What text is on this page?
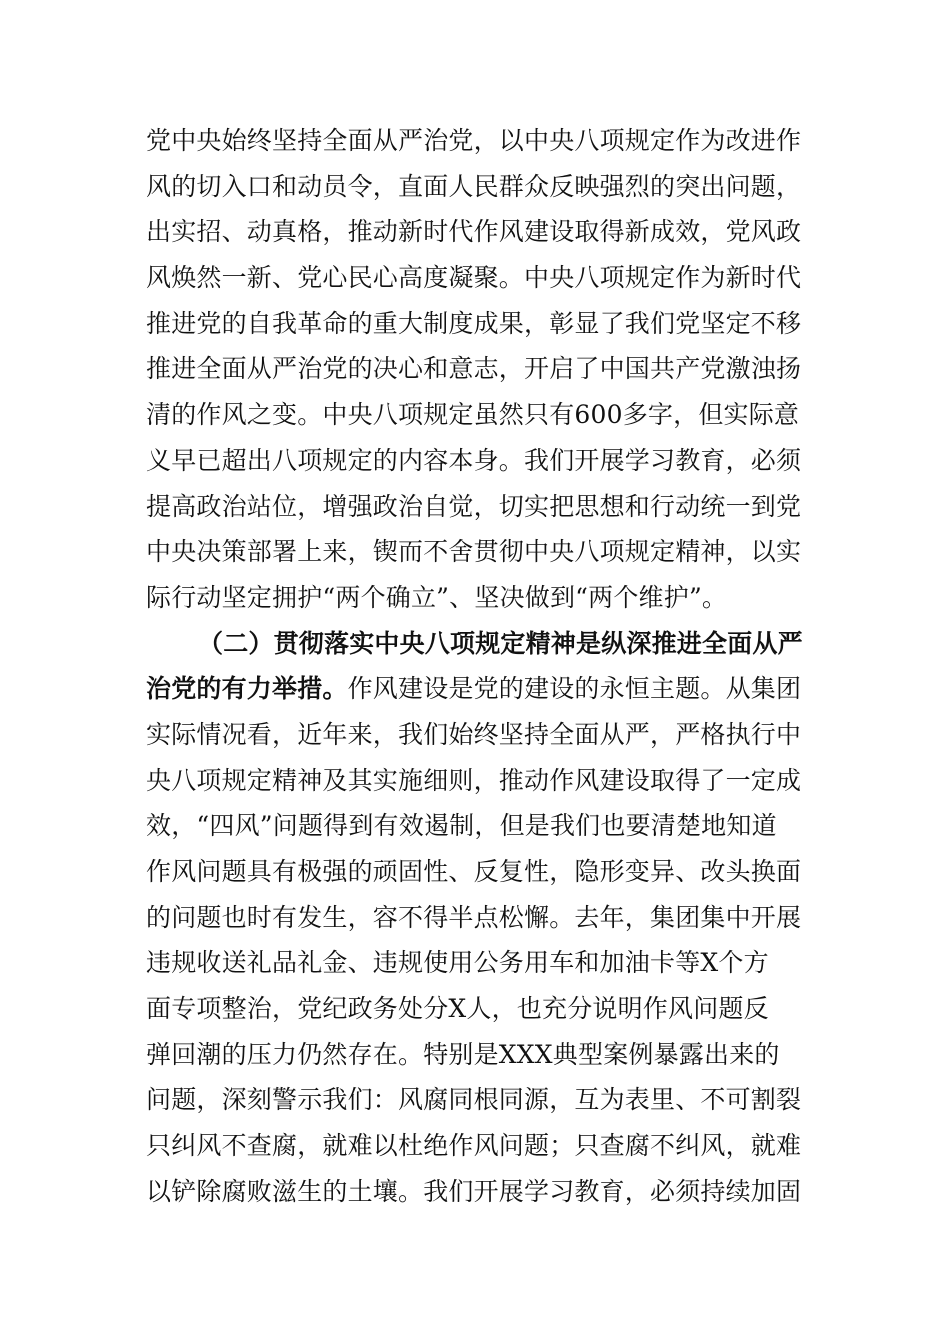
党中央始终坚持全面从严治党，以中央八项规定作为改进作
风的切入口和动员令，直面人民群众反映强烈的突出问题，
出实招、动真格，推动新时代作风建设取得新成效，党风政
风焕然一新、党心民心高度凝聚。中央八项规定作为新时代
推进党的自我革命的重大制度成果，彰显了我们党坚定不移
推进全面从严治党的决心和意志，开启了中国共产党激浊扬
清的作风之变。中央八项规定虽然只有600多字，但实际意
义早已超出八项规定的内容本身。我们开展学习教育，必须
提高政治站位，增强政治自觉，切实把思想和行动统一到党
中央决策部署上来，锲而不舍贯彻中央八项规定精神，以实
际行动坚定拥护“两个确立”、坚决做到“两个维护”。
（二）贯彻落实中央八项规定精神是纵深推进全面从严
治党的有力举措。作风建设是党的建设的永恒主题。从集团
实际情况看，近年来，我们始终坚持全面从严，严格执行中
央八项规定精神及其实施细则，推动作风建设取得了一定成
效，“四风”问题得到有效遏制，但是我们也要清楚地知道
作风问题具有极强的顽固性、反复性，隐形变异、改头换面
的问题也时有发生，容不得半点松懈。去年，集团集中开展
违规收送礼品礼金、违规使用公务用车和加油卡等X个方
面专项整治，党纪政务处分X人，也充分说明作风问题反
弹回潮的压力仍然存在。特别是XXX典型案例暴露出来的
问题，深刻警示我们：风腐同根同源，互为表里、不可割裂
只纠风不查腐，就难以杜绝作风问题；只查腐不纠风，就难
以铲除腐败滋生的土壤。我们开展学习教育，必须持续加固
